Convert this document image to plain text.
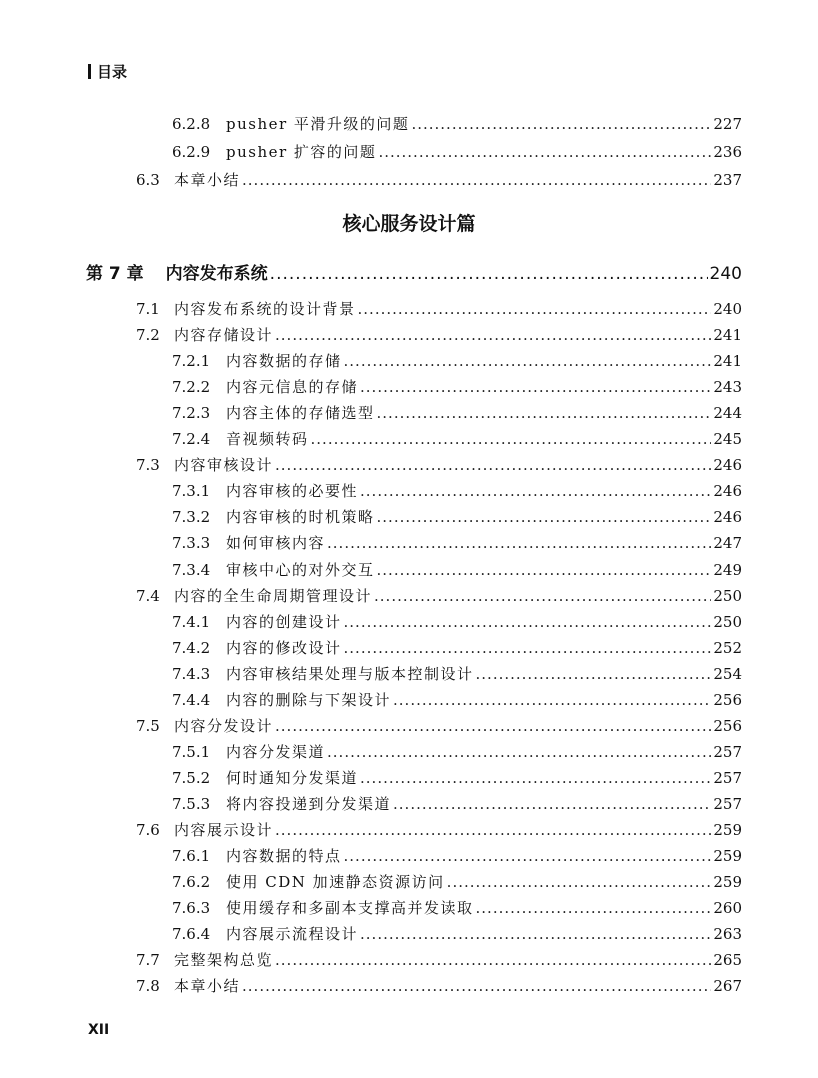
目录
6.2.8	pusher 平滑升级的问题 .....	227
6.2.9	pusher 扩容的问题 .....	236
6.3 本章小结 .....	237
核心服务设计篇
第 7 章 内容发布系统 .....	240
7.1 内容发布系统的设计背景 .....	240
7.2 内容存储设计 .....	241
7.2.1	内容数据的存储 .....	241
7.2.2	内容元信息的存储 .....	243
7.2.3	内容主体的存储选型 .....	244
7.2.4	音视频转码 .....	245
7.3 内容审核设计 .....	246
7.3.1	内容审核的必要性 .....	246
7.3.2	内容审核的时机策略 .....	246
7.3.3	如何审核内容 .....	247
7.3.4	审核中心的对外交互 .....	249
7.4 内容的全生命周期管理设计 .....	250
7.4.1	内容的创建设计 .....	250
7.4.2	内容的修改设计 .....	252
7.4.3	内容审核结果处理与版本控制设计 .....	254
7.4.4	内容的删除与下架设计 .....	256
7.5 内容分发设计 .....	256
7.5.1	内容分发渠道 .....	257
7.5.2	何时通知分发渠道 .....	257
7.5.3	将内容投递到分发渠道 .....	257
7.6 内容展示设计 .....	259
7.6.1	内容数据的特点 .....	259
7.6.2	使用 CDN 加速静态资源访问 .....	259
7.6.3	使用缓存和多副本支撑高并发读取 .....	260
7.6.4	内容展示流程设计 .....	263
7.7 完整架构总览 .....	265
7.8 本章小结 .....	267
XII
